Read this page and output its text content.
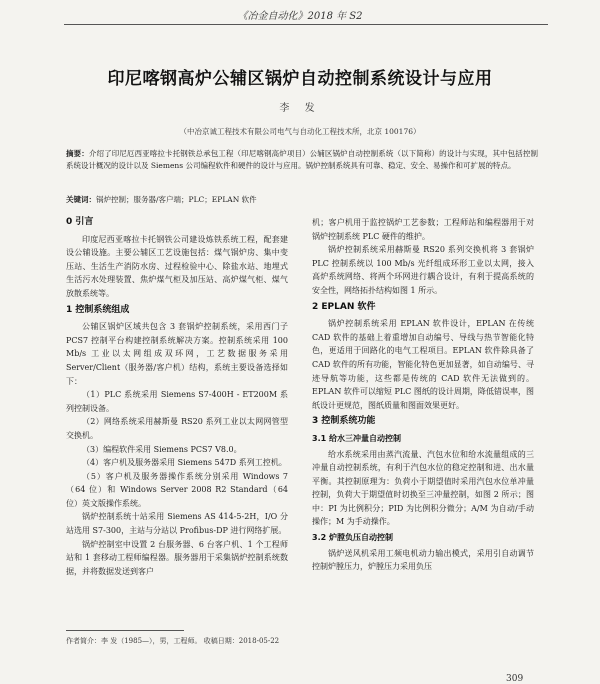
《冶金自动化》2018 年 S2
印尼喀钢高炉公辅区锅炉自动控制系统设计与应用
李 发
（中冶京诚工程技术有限公司电气与自动化工程技术所，北京 100176）
摘要：介绍了印尼厄西亚喀拉卡托钢铁总承包工程（印尼喀钢高炉项目）公辅区锅炉自动控制系统（以下简称）的设计与实现，其中包括控制系统设计概况的设计以及 Siemens 公司编程软件和硬件的设计与应用。锅炉控制系统具有可靠、稳定、安全、易操作和可扩展的特点。
关键词：锅炉控制；服务器/客户端；PLC；EPLAN 软件
0 引言

印度尼西亚喀拉卡托钢铁公司建设炼铁系统工程，配套建设公辅设施。主要公辅区工艺设施包括：煤气锅炉房、集中变压站、生活生产消防水房、过程检验中心、除盐水站、地埋式生活污水处理装置、焦炉煤气柜及加压站、高炉煤气柜、煤气放散系统等。

1 控制系统组成

公辅区锅炉区域共包含 3 套锅炉控制系统，采用西门子 PCS7 控制平台构建控制系统解决方案。控制系统采用 100 Mb/s 工业以太网组成双环网，工艺数据服务采用 Server/Client（服务器/客户机）结构，系统主要设备选择如下：

（1）PLC 系统采用 Siemens S7-400H - ET200M 系列控制设备。

（2）网络系统采用赫斯曼 RS20 系列工业以太网网管型交换机。

（3）编程软件采用 Siemens PCS7 V8.0。

（4）客户机及服务器采用 Siemens 547D 系列工控机。

（5）客户机及服务器操作系统分别采用 Windows 7（64 位）和 Windows Server 2008 R2 Standard（64 位）英文版操作系统。

锅炉控制系统十站采用 Siemens AS 414-5-2H，I/O 分站选用 S7-300，主站与分站以 Profibus-DP 进行网络扩展。

锅炉控制室中设置 2 台服务器、6 台客户机、1 个工程师站和 1 套移动工程师编程器。服务器用于采集锅炉控制系统数据，并将数据发送到客户

机；客户机用于监控锅炉工艺参数；工程师站和编程器用于对锅炉控制系统 PLC 硬件的维护。

锅炉控制系统采用赫斯曼 RS20 系列交换机将 3 套锅炉 PLC 控制系统以 100 Mb/s 光纤组成环形工业以太网，接入高炉系统网络、将两个环网进行耦合设计，有利于提高系统的安全性，网络拓扑结构如图 1 所示。

2 EPLAN 软件

锅炉控制系统采用 EPLAN 软件设计，EPLAN 在传统 CAD 软件的基础上着重增加自动编号、导线与热节智能化特色，更适用于回路化的电气工程项目。EPLAN 软件除具备了 CAD 软件的所有功能，智能化特色更加显著，如自动编号、寻迹导航等功能，这些都是传统的 CAD 软件无法做到的。EPLAN 软件可以缩短 PLC 图纸的设计周期，降低错误率，图纸设计更规范，图纸质量和图面效果更好。

3 控制系统功能
3.1 给水三冲量自动控制

给水系统采用由蒸汽流量、汽包水位和给水流量组成的三冲量自动控制系统，有利于汽包水位的稳定控制和进、出水量平衡。其控制原理为：负荷小于期望值时采用汽包水位单冲量控制，负荷大于期望值时切换至三冲量控制，如图 2 所示；图中：PI 为比例积分；PID 为比例积分微分；A/M 为自动/手动操作；M 为手动操作。

3.2 炉膛负压自动控制

锅炉送风机采用工频电机动力输出模式，采用引自动调节控制炉膛压力，炉膛压力采用负压

作者简介：李 发（1985—），男，工程师。 收稿日期：2018-05-22
309
